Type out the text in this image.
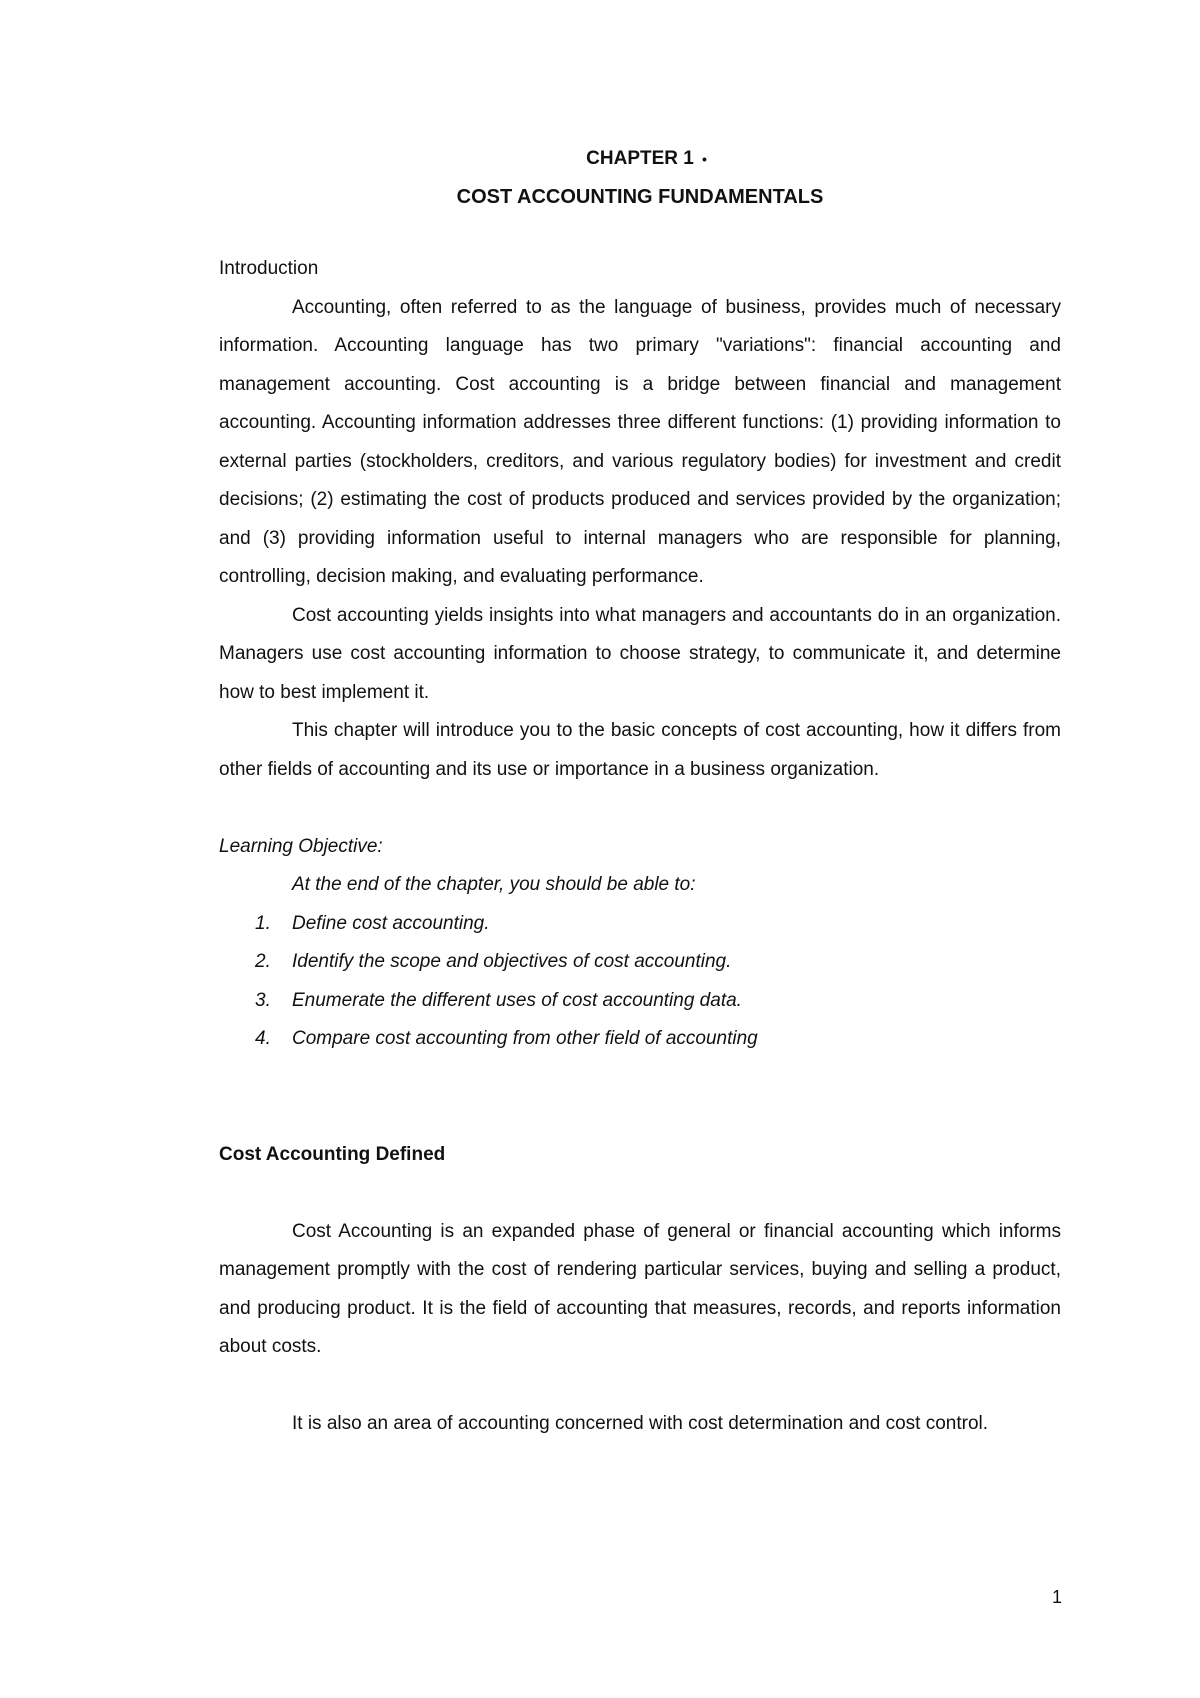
CHAPTER 1 •
COST ACCOUNTING FUNDAMENTALS
Introduction

Accounting, often referred to as the language of business, provides much of necessary information. Accounting language has two primary "variations": financial accounting and management accounting. Cost accounting is a bridge between financial and management accounting. Accounting information addresses three different functions: (1) providing information to external parties (stockholders, creditors, and various regulatory bodies) for investment and credit decisions; (2) estimating the cost of products produced and services provided by the organization; and (3) providing information useful to internal managers who are responsible for planning, controlling, decision making, and evaluating performance.

Cost accounting yields insights into what managers and accountants do in an organization. Managers use cost accounting information to choose strategy, to communicate it, and determine how to best implement it.

This chapter will introduce you to the basic concepts of cost accounting, how it differs from other fields of accounting and its use or importance in a business organization.

Learning Objective:
At the end of the chapter, you should be able to:
1. Define cost accounting.
2. Identify the scope and objectives of cost accounting.
3. Enumerate the different uses of cost accounting data.
4. Compare cost accounting from other field of accounting
Cost Accounting Defined

Cost Accounting is an expanded phase of general or financial accounting which informs management promptly with the cost of rendering particular services, buying and selling a product, and producing product. It is the field of accounting that measures, records, and reports information about costs.

It is also an area of accounting concerned with cost determination and cost control.

1
